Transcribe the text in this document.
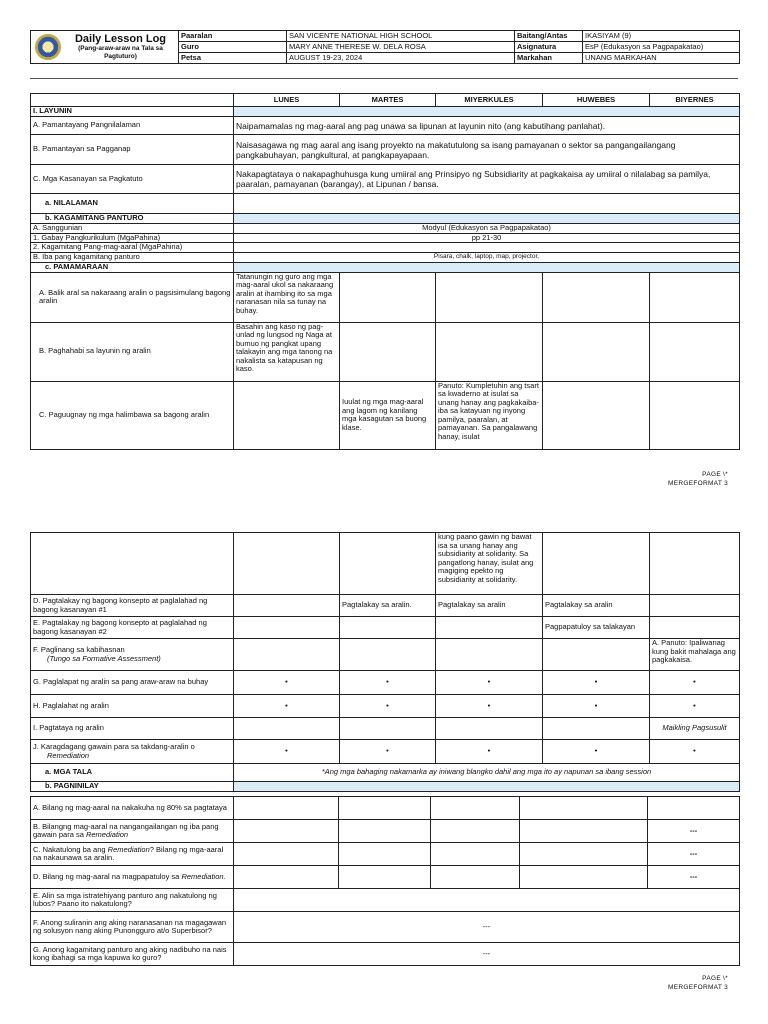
Daily Lesson Log
(Pang-araw-araw na Tala sa Pagtuturo)	Paaralan	SAN VICENTE NATIONAL HIGH SCHOOL	Baitang/Antas	IKASIYAM (9)
	Guro	MARY ANNE THERESE W. DELA ROSA	Asignatura	EsP (Edukasyon sa Pagpapakatao)
	Petsa	AUGUST 19-23, 2024	Markahan	UNANG MARKAHAN
	LUNES	MARTES	MIYERKULES	HUWEBES	BIYERNES
I. LAYUNIN					
A. Pamantayang Pangnilalaman	Naipamamalas ng mag-aaral ang pag unawa sa lipunan at layunin nito (ang kabutihang panlahat).				
B. Pamantayan sa Pagganap	Naisasagawa ng mag aaral ang isang proyekto na makatutulong sa isang pamayanan o sektor sa pangangailangang pangkabuhayan, pangkultural, at pangkapayapaan.				
C. Mga Kasanayan sa Pagkatuto	Nakapagtataya o nakapaghuhusga kung umiiral ang Prinsipyo ng Subsidiarity at pagkakaisa ay umiiral o nilalabag sa pamilya, paaralan, pamayanan (barangay), at Lipunan / bansa.				
a. NILALAMAN					
b. KAGAMITANG PANTURO					
A. Sanggunian	Modyul (Edukasyon sa Pagpapakatao)				
1. Gabay Pangkurikulum (MgaPahina)	pp 21-30				
2. Kagamitang Pang-mag-aaral (MgaPahina)					
B. Iba pang kagamitang panturo	Pisara, chalk, laptop, map, projector,				
c. PAMAMARAAN					
A. Balik aral sa nakaraang aralin o pagsisimulang bagong aralin	Tatanungin ng guro ang mga mag-aaral ukol sa nakaraang aralin at ihambing ito sa mga naranasan nila sa tunay na buhay.				
B. Paghahabi sa layunin ng aralin	Basahin ang kaso ng pag-unlad ng lungsod ng Naga at bumuo ng pangkat upang talakayin ang mga tanong na nakalista sa katapusan ng kaso.				
C. Paguugnay ng mga halimbawa sa bagong aralin		Iuulat ng mga mag-aaral ang lagom ng kanilang mga kasagutan sa buong klase.	Panuto: Kumpletuhin ang tsart sa kwaderno at isulat sa unang hanay ang pagkakaiba-iba sa katayuan ng inyong pamilya, paaralan, at pamayanan. Sa pangalawang hanay, isulat		
PAGE \*
MERGEFORMAT 3
			kung paano gawin ng bawat isa sa unang hanay ang subsidiarity at solidarity. Sa pangatlong hanay, isulat ang magiging epekto ng subsidiarity at solidarity.		
D. Pagtalakay ng bagong konsepto at paglalahad ng bagong kasanayan #1		Pagtalakay sa aralin.	Pagtalakay sa aralin	Pagtalakay sa aralin	
E. Pagtalakay ng bagong konsepto at paglalahad ng bagong kasanayan #2				Pagpapatuloy sa talakayan	

F. Paglinang sa kabihasnan
(Tungo sa Formative Assessment)					A. Panuto: Ipaliwanag kung bakit mahalaga ang pagkakaisa.
G. Paglalapat ng aralin sa pang araw-araw na buhay	•	•	•	•	•
H. Paglalahat ng aralin	•	•	•	•	•
I. Pagtataya ng aralin					Maikling Pagsusulit

J. Karagdagang gawain para sa takdang-aralin o
Remediation	•	•	•	•	•
a. MGA TALA	*Ang mga bahaging nakamarka ay iniwang blangko dahil ang mga ito ay napunan sa ibang session				
b. PAGNINILAY					
A. Bilang ng mag-aaral na nakakuha ng 80% sa pagtataya					
B. Bilangng mag-aaral na nangangailangan ng iba pang gawain para sa Remediation					---
C. Nakatulong ba ang Remediation? Bilang ng mga-aaral na nakaunawa sa aralin.					---
D. Bilang ng mag-aaral na magpapatuloy sa Remediation.					---
E. Alin sa mga istratehiyang panturo ang nakatulong ng lubos? Paano ito nakatulong?					
F. Anong suliranin ang aking naranasanan na magagawan ng solusyon nang aking Punongguro at/o Superbisor?	---				
G. Anong kagamitang panturo ang aking nadibuho na nais kong ibahagi sa mga kapuwa ko guro?	---				
PAGE \*
MERGEFORMAT 3
